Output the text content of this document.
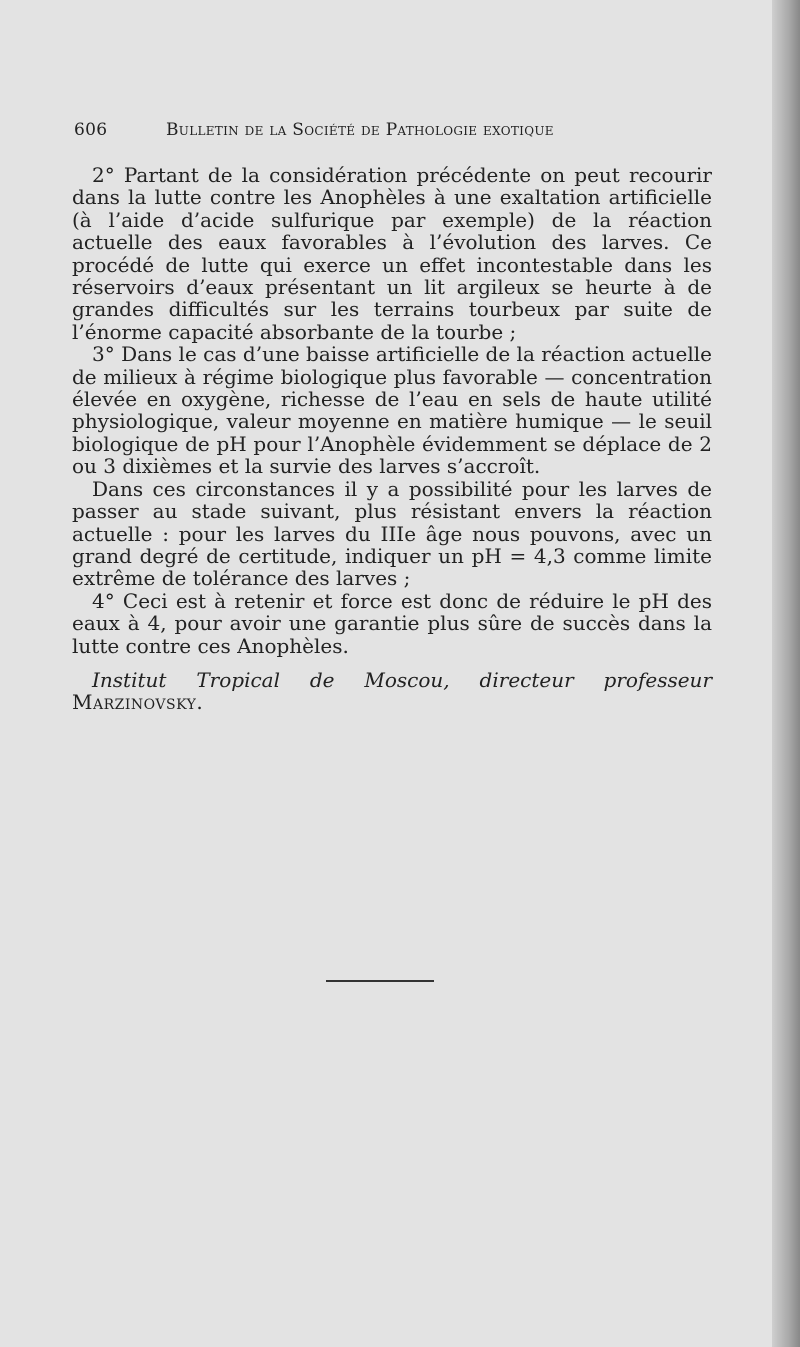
606	Bulletin de la Société de Pathologie exotique

2° Partant de la considération précédente on peut recourir dans la lutte contre les Anophèles à une exaltation artificielle (à l’aide d’acide sulfurique par exemple) de la réaction actuelle des eaux favorables à l’évolution des larves. Ce procédé de lutte qui exerce un effet incontestable dans les réservoirs d’eaux présentant un lit argileux se heurte à de grandes difficultés sur les terrains tourbeux par suite de l’énorme capacité absorbante de la tourbe ;

3° Dans le cas d’une baisse artificielle de la réaction actuelle de milieux à régime biologique plus favorable — concentration élevée en oxygène, richesse de l’eau en sels de haute utilité physiologique, valeur moyenne en matière humique — le seuil biologique de pH pour l’Anophèle évidemment se déplace de 2 ou 3 dixièmes et la survie des larves s’accroît.

Dans ces circonstances il y a possibilité pour les larves de passer au stade suivant, plus résistant envers la réaction actuelle : pour les larves du IIIe âge nous pouvons, avec un grand degré de certitude, indiquer un pH = 4,3 comme limite extrême de tolérance des larves ;

4° Ceci est à retenir et force est donc de réduire le pH des eaux à 4, pour avoir une garantie plus sûre de succès dans la lutte contre ces Anophèles.

Institut Tropical de Moscou, directeur professeur Marzinovsky.
